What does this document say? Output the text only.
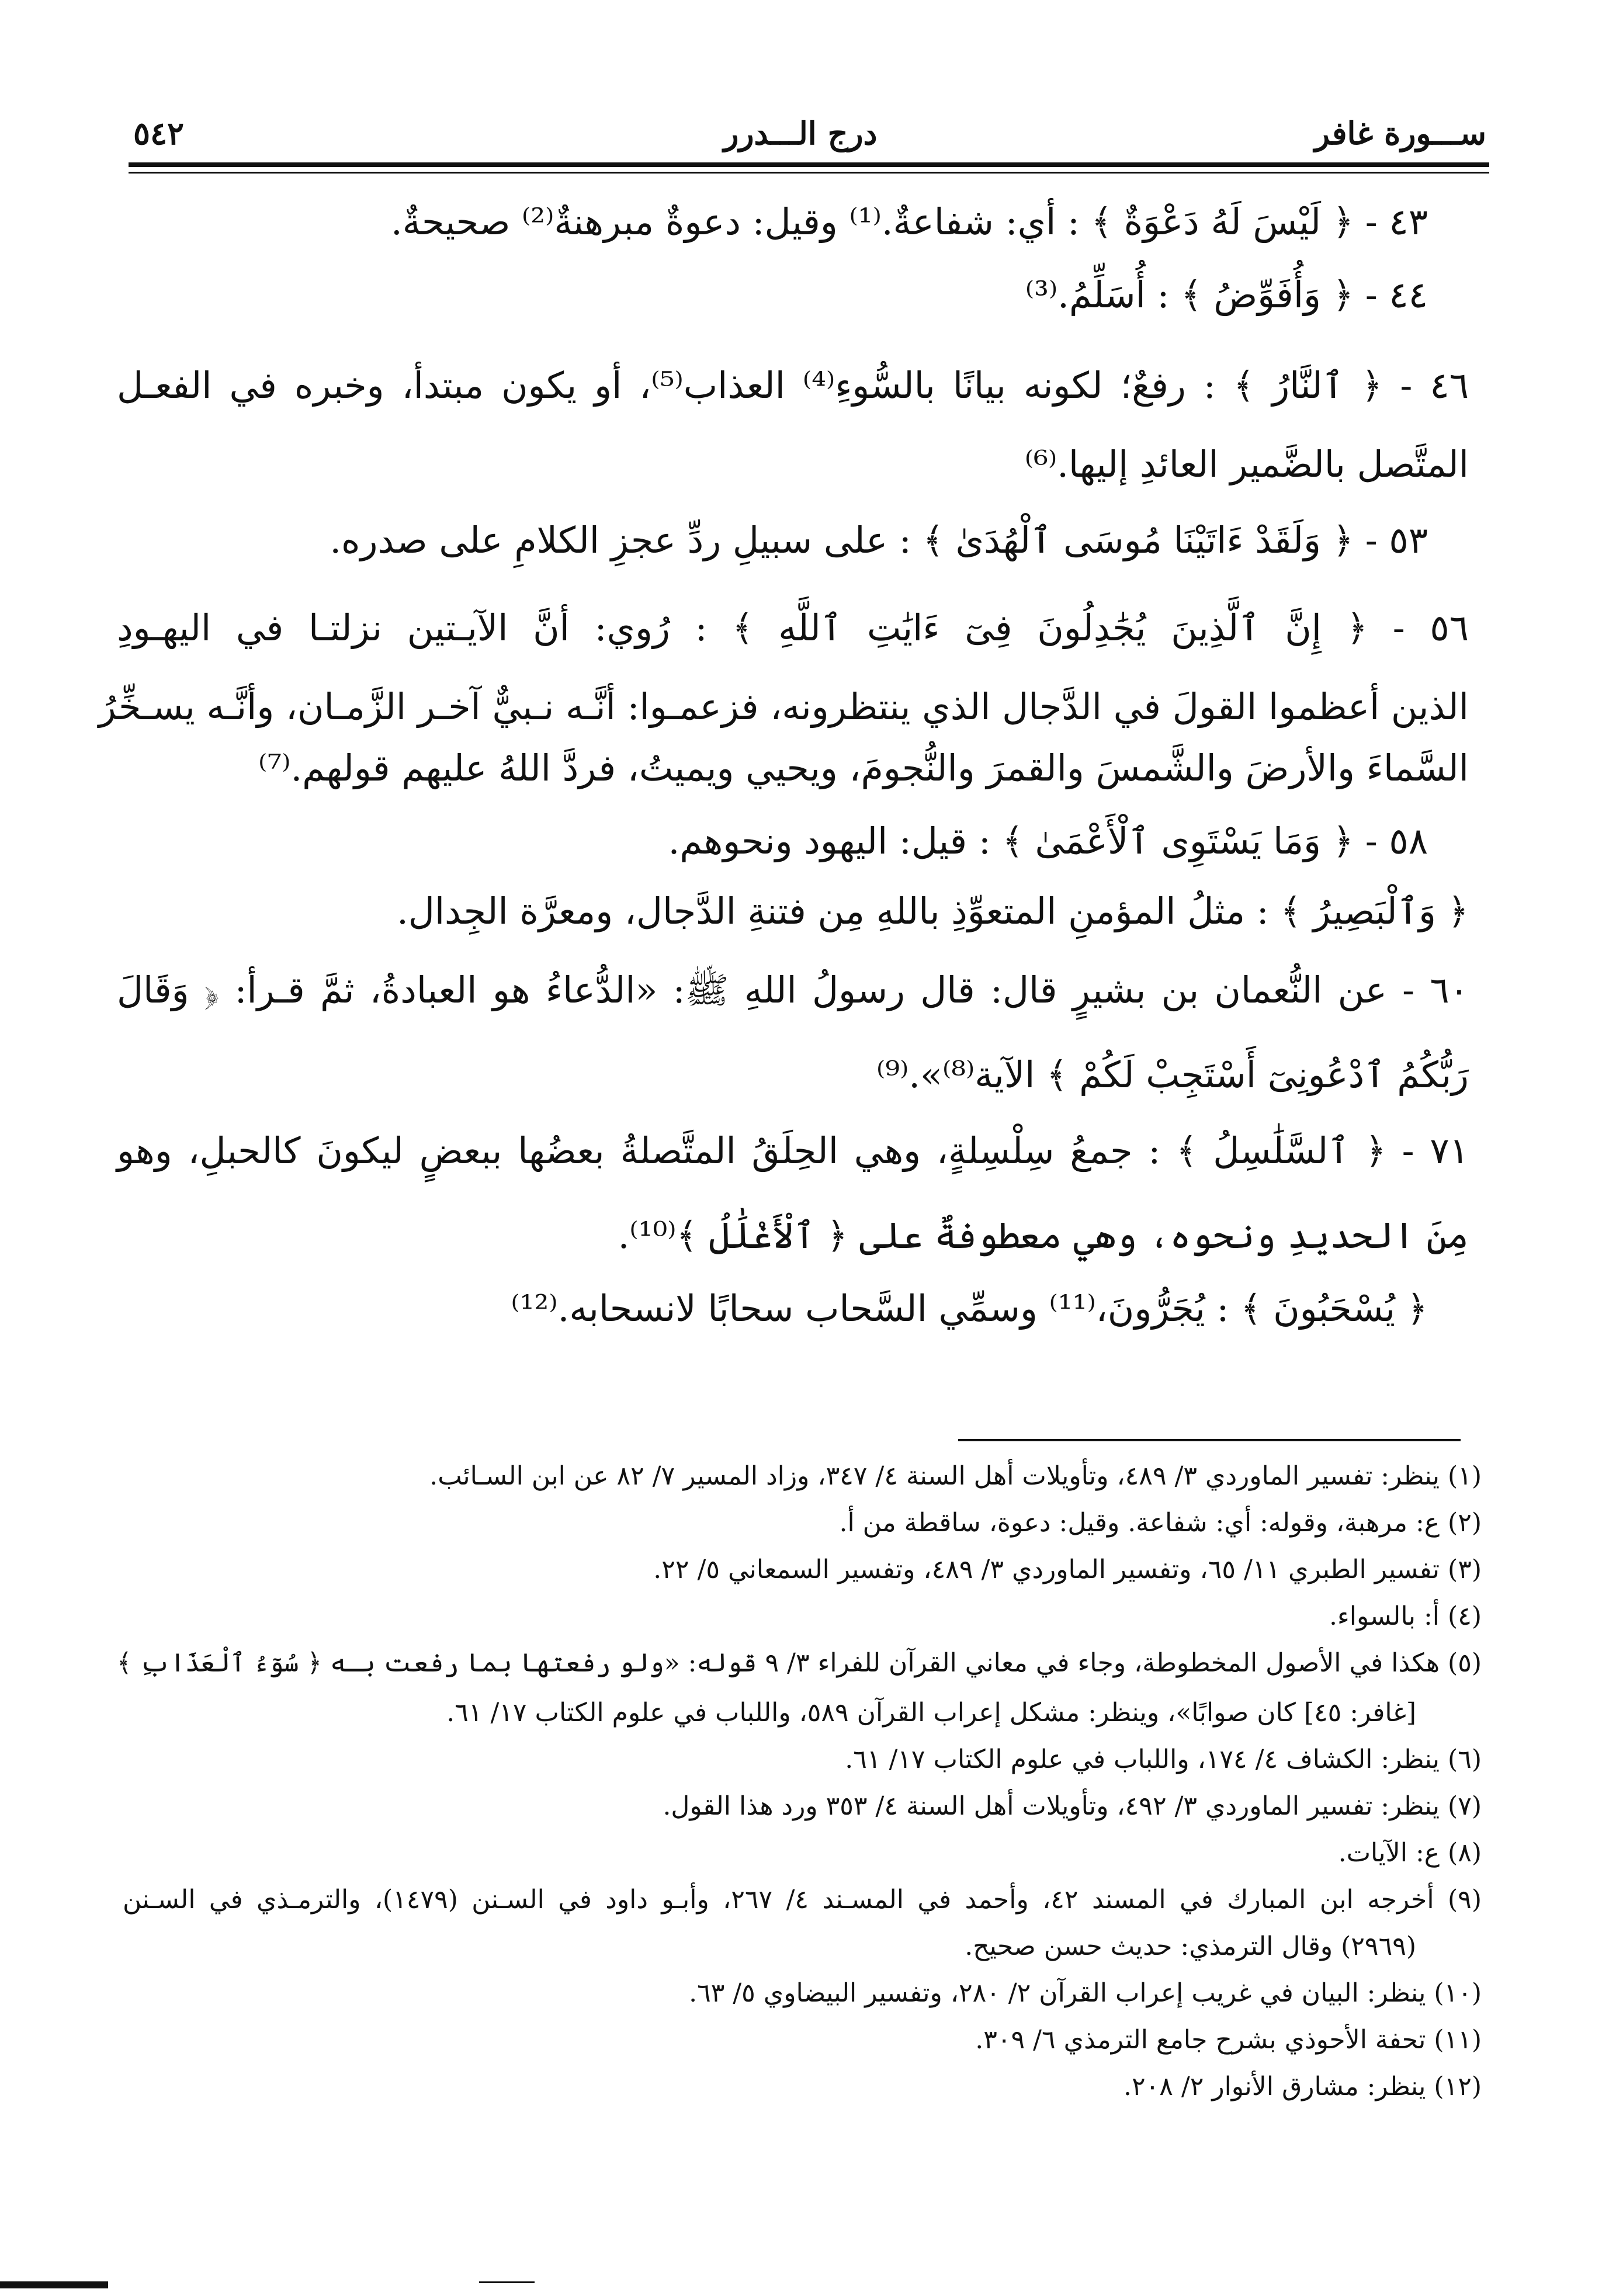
٥٤٢	درج الـــدرر	ســـورة غافر
٤٣ - ﴿ لَيْسَ لَهُ دَعْوَةٌ ﴾ : أي: شفاعةٌ.⁽¹⁾ وقيل: دعوةٌ مبرهنةٌ⁽²⁾ صحيحةٌ.
٤٤ - ﴿ وَأُفَوِّضُ ﴾ : أُسَلِّمُ.⁽³⁾
٤٦ - ﴿ ٱلنَّارُ ﴾ : رفعٌ؛ لكونه بيانًا بالسُّوءِ⁽⁴⁾ العذاب⁽⁵⁾، أو يكون مبتدأ، وخبره في الفعـل
المتَّصل بالضَّمير العائدِ إليها.⁽⁶⁾
٥٣ - ﴿ وَلَقَدْ ءَاتَيْنَا مُوسَى ٱلْهُدَىٰ ﴾ : على سبيلِ ردِّ عجزِ الكلامِ على صدره.
٥٦ - ﴿ إِنَّ ٱلَّذِينَ يُجَٰدِلُونَ فِىٓ ءَايَٰتِ ٱللَّهِ ﴾ : رُوي: أنَّ الآيـتين نزلتـا في اليهـودِ
الذين أعظموا القولَ في الدَّجال الذي ينتظرونه، فزعمـوا: أنَّـه نـبيٌّ آخـر الزَّمـان، وأنَّـه يسـخِّرُ
السَّماءَ والأرضَ والشَّمسَ والقمرَ والنُّجومَ، ويحيي ويميتُ، فردَّ اللهُ عليهم قولهم.⁽⁷⁾
٥٨ - ﴿ وَمَا يَسْتَوِى ٱلْأَعْمَىٰ ﴾ : قيل: اليهود ونحوهم.
﴿ وَٱلْبَصِيرُ ﴾ : مثلُ المؤمنِ المتعوِّذِ باللهِ مِن فتنةِ الدَّجال، ومعرَّة الجِدال.
٦٠ - عن النُّعمان بن بشيرٍ قال: قال رسولُ اللهِ ﷺ: «الدُّعاءُ هو العبادةُ، ثمَّ قـرأ: ﴿ وَقَالَ
رَبُّكُمُ ٱدْعُونِىٓ أَسْتَجِبْ لَكُمْ ﴾ الآية⁽⁸⁾».⁽⁹⁾
٧١ - ﴿ ٱلسَّلَٰسِلُ ﴾ : جمعُ سِلْسِلةٍ، وهي الحِلَقُ المتَّصلةُ بعضُها ببعضٍ ليكونَ كالحبلِ، وهو
مِنَ الحديدِ ونحوه، وهي معطوفةٌ على ﴿ ٱلْأَغْلَٰلُ ﴾⁽¹⁰⁾.
﴿ يُسْحَبُونَ ﴾ : يُجَرُّونَ،⁽¹¹⁾ وسمِّي السَّحاب سحابًا لانسحابه.⁽¹²⁾
(١) ينظر: تفسير الماوردي ٣/ ٤٨٩، وتأويلات أهل السنة ٤/ ٣٤٧، وزاد المسير ٧/ ٨٢ عن ابن السـائب.
(٢) ع: مرهبة، وقوله: أي: شفاعة. وقيل: دعوة، ساقطة من أ.
(٣) تفسير الطبري ١١/ ٦٥، وتفسير الماوردي ٣/ ٤٨٩، وتفسير السمعاني ٥/ ٢٢.
(٤) أ: بالسواء.
(٥) هكذا في الأصول المخطوطة، وجاء في معاني القرآن للفراء ٣/ ٩ قوله: «ولو رفعتها بما رفعت بـه ﴿ سُوٓءُ ٱلْعَذَابِ ﴾
[غافر: ٤٥] كان صوابًا»، وينظر: مشكل إعراب القرآن ٥٨٩، واللباب في علوم الكتاب ١٧/ ٦١.
(٦) ينظر: الكشاف ٤/ ١٧٤، واللباب في علوم الكتاب ١٧/ ٦١.
(٧) ينظر: تفسير الماوردي ٣/ ٤٩٢، وتأويلات أهل السنة ٤/ ٣٥٣ ورد هذا القول.
(٨) ع: الآيات.
(٩) أخرجه ابن المبارك في المسند ٤٢، وأحمد في المسـند ٤/ ٢٦٧، وأبـو داود في السـنن (١٤٧٩)، والترمـذي في السـنن
(٢٩٦٩) وقال الترمذي: حديث حسن صحيح.
(١٠) ينظر: البيان في غريب إعراب القرآن ٢/ ٢٨٠، وتفسير البيضاوي ٥/ ٦٣.
(١١) تحفة الأحوذي بشرح جامع الترمذي ٦/ ٣٠٩.
(١٢) ينظر: مشارق الأنوار ٢/ ٢٠٨.
